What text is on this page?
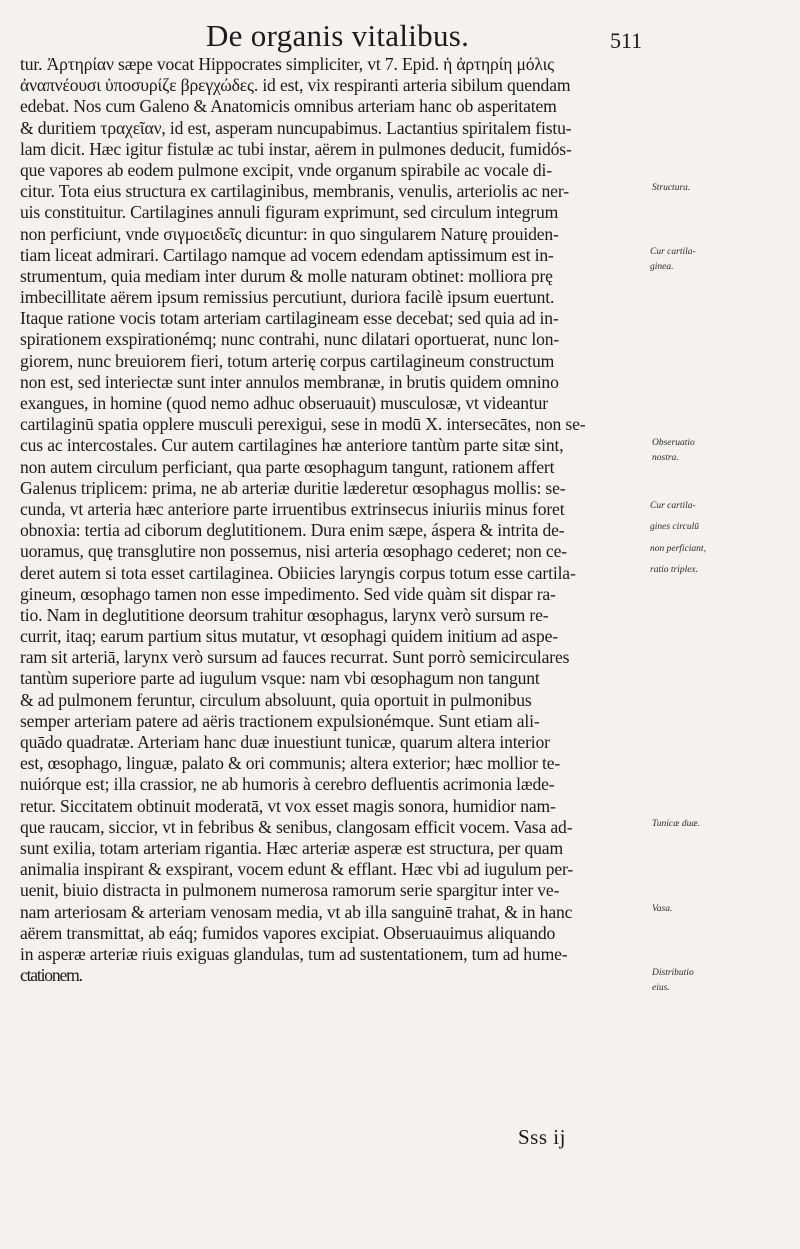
De organis vitalibus.	511
tur. Ἀρτηρίαν sæpe vocat Hippocrates simpliciter, vt 7. Epid. ἡ ἀρτηρίη μόλις
ἀναπνέουσι ὑποσυρίζε βρεγχώδες. id est, vix respiranti arteria sibilum quendam
edebat. Nos cum Galeno & Anatomicis omnibus arteriam hanc ob asperitatem
& duritiem τραχεῖαν, id est, asperam nuncupabimus. Lactantius spiritalem fistu-
lam dicit. Hæc igitur fistulæ ac tubi instar, aërem in pulmones deducit, fumidós-
que vapores ab eodem pulmone excipit, vnde organum spirabile ac vocale di-
citur. Tota eius structura ex cartilaginibus, membranis, venulis, arteriolis ac ner-
uis constituitur. Cartilagines annuli figuram exprimunt, sed circulum integrum
non perficiunt, vnde σιγμοειδεῖς dicuntur: in quo singularem Naturę prouiden-
tiam liceat admirari. Cartilago namque ad vocem edendam aptissimum est in-
strumentum, quia mediam inter durum & molle naturam obtinet: molliora prę
imbecillitate aërem ipsum remissius percutiunt, duriora facilè ipsum euertunt.
Itaque ratione vocis totam arteriam cartilagineam esse decebat; sed quia ad in-
spirationem exspirationémq; nunc contrahi, nunc dilatari oportuerat, nunc lon-
giorem, nunc breuiorem fieri, totum arterię corpus cartilagineum constructum
non est, sed interiectæ sunt inter annulos membranæ, in brutis quidem omnino
exangues, in homine (quod nemo adhuc obseruauit) musculosæ, vt videantur
cartilaginū spatia opplere musculi perexigui, sese in modū X. intersecātes, non se-
cus ac intercostales. Cur autem cartilagines hæ anteriore tantùm parte sitæ sint,
non autem circulum perficiant, qua parte œsophagum tangunt, rationem affert
Galenus triplicem: prima, ne ab arteriæ duritie læderetur œsophagus mollis: se-
cunda, vt arteria hæc anteriore parte irruentibus extrinsecus iniuriis minus foret
obnoxia: tertia ad ciborum deglutitionem. Dura enim sæpe, áspera & intrita de-
uoramus, quę transglutire non possemus, nisi arteria œsophago cederet; non ce-
deret autem si tota esset cartilaginea. Obiicies laryngis corpus totum esse cartila-
gineum, œsophago tamen non esse impedimento. Sed vide quàm sit dispar ra-
tio. Nam in deglutitione deorsum trahitur œsophagus, larynx verò sursum re-
currit, itaq; earum partium situs mutatur, vt œsophagi quidem initium ad aspe-
ram sit arteriā, larynx verò sursum ad fauces recurrat. Sunt porrò semicirculares
tantùm superiore parte ad iugulum vsque: nam vbi œsophagum non tangunt
& ad pulmonem feruntur, circulum absoluunt, quia oportuit in pulmonibus
semper arteriam patere ad aëris tractionem expulsionémque. Sunt etiam ali-
quādo quadratæ. Arteriam hanc duæ inuestiunt tunicæ, quarum altera interior
est, œsophago, linguæ, palato & ori communis; altera exterior; hæc mollior te-
nuiórque est; illa crassior, ne ab humoris à cerebro defluentis acrimonia læde-
retur. Siccitatem obtinuit moderatā, vt vox esset magis sonora, humidior nam-
que raucam, siccior, vt in febribus & senibus, clangosam efficit vocem. Vasa ad-
sunt exilia, totam arteriam rigantia. Hæc arteriæ asperæ est structura, per quam
animalia inspirant & exspirant, vocem edunt & efflant. Hæc vbi ad iugulum per-
uenit, biuio distracta in pulmonem numerosa ramorum serie spargitur inter ve-
nam arteriosam & arteriam venosam media, vt ab illa sanguinē trahat, & in hanc
aërem transmittat, ab eáq; fumidos vapores excipiat. Obseruauimus aliquando
in asperæ arteriæ riuis exiguas glandulas, tum ad sustentationem, tum ad hume-
ctationem.
Structura.
Cur cartila-
ginea.
Obseruatio
nostra.
Cur cartila-
gines circulū
non perficiant,
ratio triplex.
Tunicæ duæ.
Vasa.
Distributio
eius.
Sss ij
